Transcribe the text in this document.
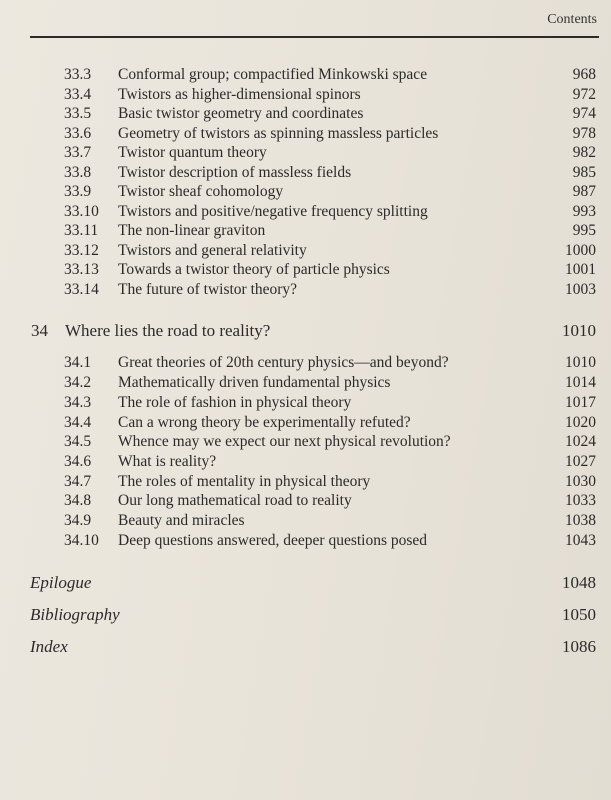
Contents
33.3 Conformal group; compactified Minkowski space	968
33.4 Twistors as higher-dimensional spinors	972
33.5 Basic twistor geometry and coordinates	974
33.6 Geometry of twistors as spinning massless particles	978
33.7 Twistor quantum theory	982
33.8 Twistor description of massless fields	985
33.9 Twistor sheaf cohomology	987
33.10 Twistors and positive/negative frequency splitting	993
33.11 The non-linear graviton	995
33.12 Twistors and general relativity	1000
33.13 Towards a twistor theory of particle physics	1001
33.14 The future of twistor theory?	1003
34 Where lies the road to reality?	1010
34.1 Great theories of 20th century physics—and beyond?	1010
34.2 Mathematically driven fundamental physics	1014
34.3 The role of fashion in physical theory	1017
34.4 Can a wrong theory be experimentally refuted?	1020
34.5 Whence may we expect our next physical revolution?	1024
34.6 What is reality?	1027
34.7 The roles of mentality in physical theory	1030
34.8 Our long mathematical road to reality	1033
34.9 Beauty and miracles	1038
34.10 Deep questions answered, deeper questions posed	1043
Epilogue	1048
Bibliography	1050
Index	1086
